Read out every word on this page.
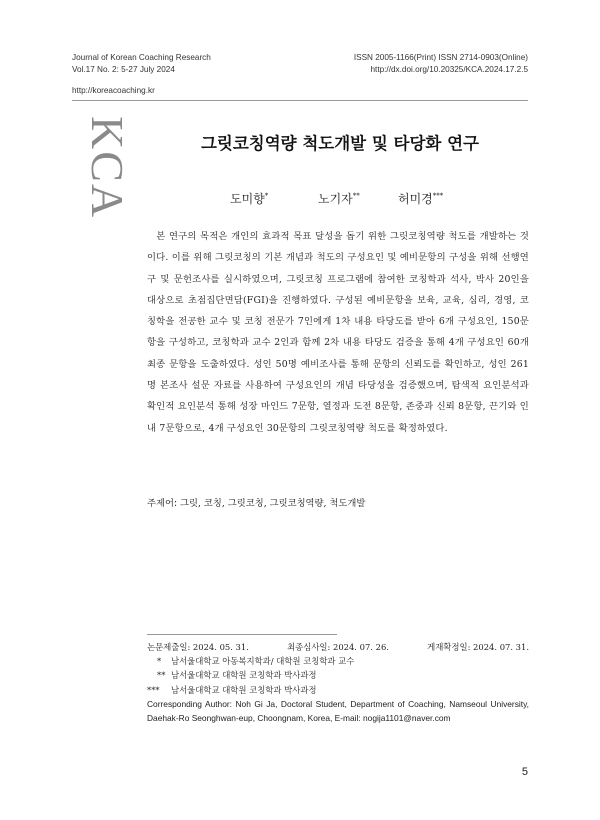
Journal of Korean Coaching Research	ISSN 2005-1166(Print) ISSN 2714-0903(Online)
Vol.17 No. 2: 5-27 July 2024	http://dx.doi.org/10.20325/KCA.2024.17.2.5
http://koreacoaching.kr
KCA	그릿코칭역량 척도개발 및 타당화 연구
도미향*	노기자**	허미경***
본 연구의 목적은 개인의 효과적 목표 달성을 돕기 위한 그릿코칭역량 척도를 개발하는 것이다. 이를 위해 그릿코칭의 기본 개념과 척도의 구성요인 및 예비문항의 구성을 위해 선행연구 및 문헌조사를 실시하였으며, 그릿코칭 프로그램에 참여한 코칭학과 석사, 박사 20인을 대상으로 초점집단면담(FGI)을 진행하였다. 구성된 예비문항을 보육, 교육, 심리, 경영, 코칭학을 전공한 교수 및 코칭 전문가 7인에게 1차 내용 타당도를 받아 6개 구성요인, 150문항을 구성하고, 코칭학과 교수 2인과 함께 2차 내용 타당도 검증을 통해 4개 구성요인 60개 최종 문항을 도출하였다. 성인 50명 예비조사를 통해 문항의 신뢰도를 확인하고, 성인 261명 본조사 설문 자료를 사용하여 구성요인의 개념 타당성을 검증했으며, 탐색적 요인분석과 확인적 요인분석 통해 성장 마인드 7문항, 열정과 도전 8문항, 존중과 신뢰 8문항, 끈기와 인내 7문항으로, 4개 구성요인 30문항의 그릿코칭역량 척도를 확정하였다.
주제어: 그릿, 코칭, 그릿코칭, 그릿코칭역량, 척도개발
논문제출일: 2024. 05. 31.	최종심사일: 2024. 07. 26.	게재확정일: 2024. 07. 31.
* 남서울대학교 아동복지학과/ 대학원 코칭학과 교수
** 남서울대학교 대학원 코칭학과 박사과정
*** 남서울대학교 대학원 코칭학과 박사과정
Corresponding Author: Noh Gi Ja, Doctoral Student, Department of Coaching, Namseoul University, Daehak-Ro Seonghwan-eup, Choongnam, Korea, E-mail: nogija1101@naver.com
5
